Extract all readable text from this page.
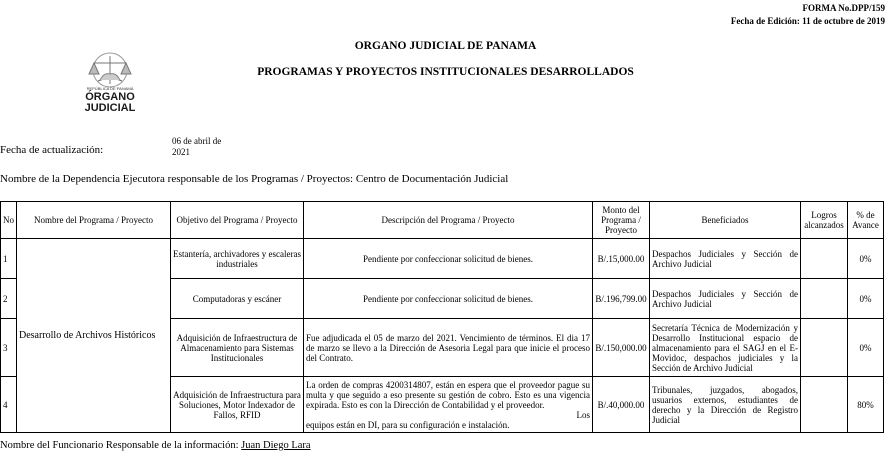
FORMA No.DPP/159
Fecha de Edición: 11 de octubre de 2019
ORGANO JUDICIAL DE PANAMA
PROGRAMAS Y PROYECTOS INSTITUCIONALES DESARROLLADOS
REPÚBLICA DE PANAMÁ
ÓRGANO
JUDICIAL
Fecha de actualización:
06 de abril de
2021
Nombre de la Dependencia Ejecutora responsable de los Programas / Proyectos: Centro de Documentación Judicial
No	Nombre del Programa / Proyecto	Objetivo del Programa / Proyecto	Descripción del Programa / Proyecto	Monto del Programa / Proyecto	Beneficiados	Logros alcanzados	% de Avance
1	Desarrollo de Archivos Históricos	Estantería, archivadores y escaleras industriales	Pendiente por confeccionar solicitud de bienes.	B/.15,000.00	Despachos Judiciales y Sección de Archivo Judicial		0%
2		Computadoras y escáner	Pendiente por confeccionar solicitud de bienes.	B/.196,799.00	Despachos Judiciales y Sección de Archivo Judicial		0%
3		Adquisición de Infraestructura de Almacenamiento para Sistemas Institucionales	Fue adjudicada el 05 de marzo del 2021. Vencimiento de términos. El dia 17 de marzo se llevo a la Dirección de Asesoria Legal para que inicie el proceso del Contrato.	B/.150,000.00	Secretaría Técnica de Modernización y Desarrollo Institucional espacio de almacenamiento para el SAGJ en el E-Movidoc, despachos judiciales y la Sección de Archivo Judicial		0%
4		Adquisición de Infraestructura para Soluciones, Motor Indexador de Fallos, RFID	La orden de compras 4200314807, están en espera que el proveedor pague su multa y que seguido a eso presente su gestión de cobro. Esto es una vigencia expirada. Esto es con la Dirección de Contabilidad y el proveedor.
Los
equipos están en DI, para su configuración e instalación.	B/.40,000.00	Tribunales, juzgados, abogados, usuarios externos, estudiantes de derecho y la Dirección de Registro Judicial		80%
Nombre del Funcionario Responsable de la información: Juan Diego Lara
